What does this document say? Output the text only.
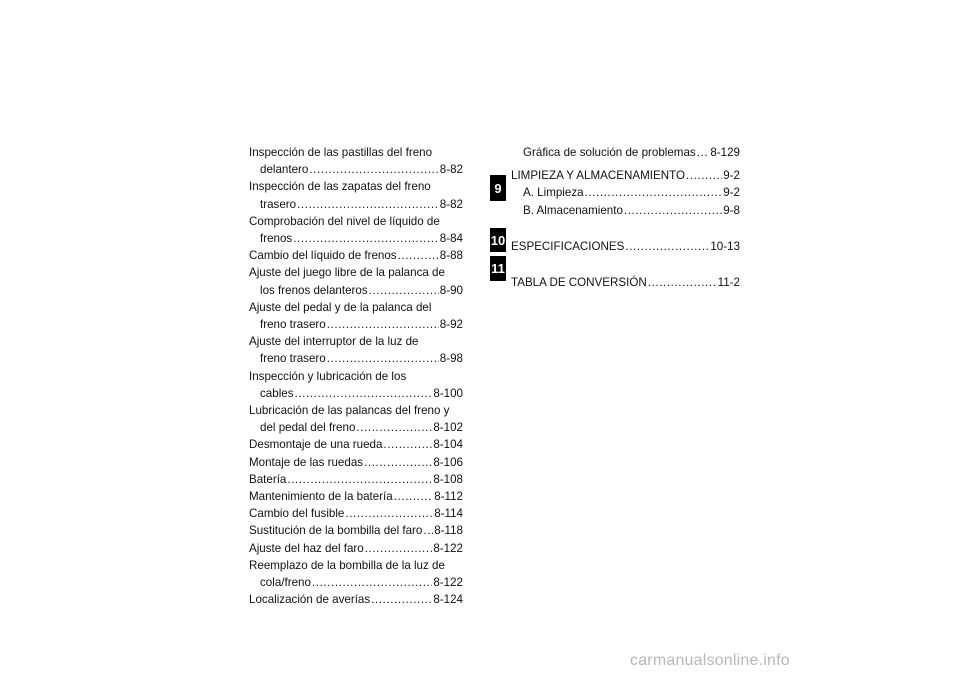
Inspección de las pastillas del freno
delantero .....	8-82
Inspección de las zapatas del freno
trasero .....	8-82
Comprobación del nivel de líquido de
frenos .....	8-84
Cambio del líquido de frenos .....	8-88
Ajuste del juego libre de la palanca de
los frenos delanteros .....	8-90
Ajuste del pedal y de la palanca del
freno trasero .....	8-92
Ajuste del interruptor de la luz de
freno trasero .....	8-98
Inspección y lubricación de los
cables .....	8-100
Lubricación de las palancas del freno y
del pedal del freno .....	8-102
Desmontaje de una rueda .....	8-104
Montaje de las ruedas .....	8-106
Batería .....	8-108
Mantenimiento de la batería .....	8-112
Cambio del fusible .....	8-114
Sustitución de la bombilla del faro ..... 8-118
Ajuste del haz del faro .....	8-122
Reemplazo de la bombilla de la luz de
cola/freno .....	8-122
Localización de averías .....	8-124
Gráfica de solución de problemas ..... 8-129
LIMPIEZA Y ALMACENAMIENTO .....	9-2
A. Limpieza .....	9-2
B. Almacenamiento .....	9-8
ESPECIFICACIONES .....	10-13
TABLA DE CONVERSIÓN .....	11-2
9
10
11
carmanualsonline.info
